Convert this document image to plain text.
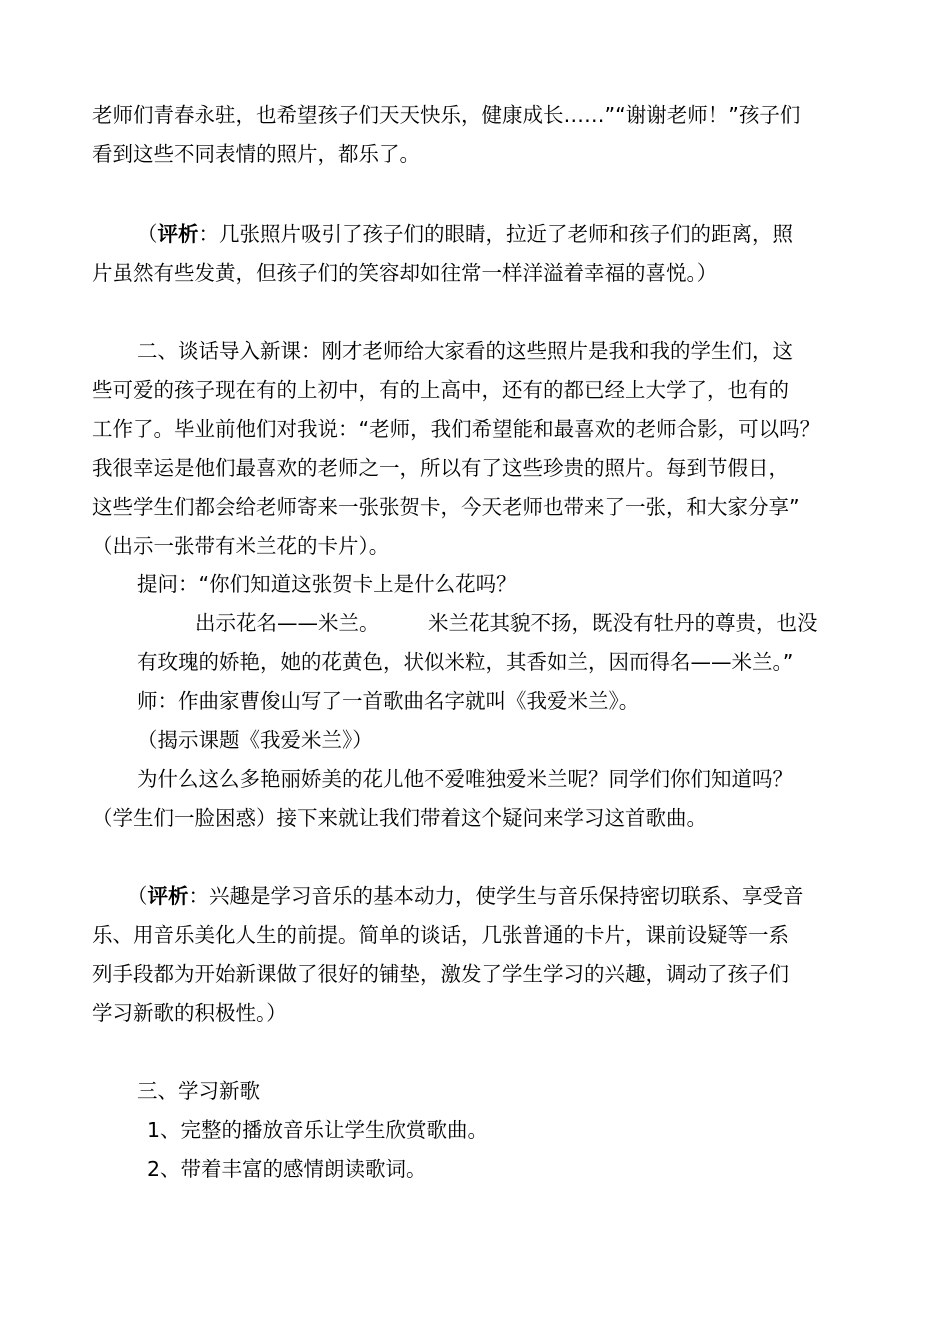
老师们青春永驻，也希望孩子们天天快乐，健康成长……”“谢谢老师！”孩子们
看到这些不同表情的照片，都乐了。
（评析：几张照片吸引了孩子们的眼睛，拉近了老师和孩子们的距离，照
片虽然有些发黄，但孩子们的笑容却如往常一样洋溢着幸福的喜悦。）
二、谈话导入新课：刚才老师给大家看的这些照片是我和我的学生们，这
些可爱的孩子现在有的上初中，有的上高中，还有的都已经上大学了，也有的
工作了。毕业前他们对我说：“老师，我们希望能和最喜欢的老师合影，可以吗？
我很幸运是他们最喜欢的老师之一，所以有了这些珍贵的照片。每到节假日，
这些学生们都会给老师寄来一张张贺卡，今天老师也带来了一张，和大家分享”
（出示一张带有米兰花的卡片）。
提问：“你们知道这张贺卡上是什么花吗？
出示花名——米兰。 米兰花其貌不扬，既没有牡丹的尊贵，也没
有玫瑰的娇艳，她的花黄色，状似米粒，其香如兰，因而得名——米兰。”
师：作曲家曹俊山写了一首歌曲名字就叫《我爱米兰》。
（揭示课题《我爱米兰》）
为什么这么多艳丽娇美的花儿他不爱唯独爱米兰呢？同学们你们知道吗？
（学生们一脸困惑）接下来就让我们带着这个疑问来学习这首歌曲。
（评析：兴趣是学习音乐的基本动力，使学生与音乐保持密切联系、享受音
乐、用音乐美化人生的前提。简单的谈话，几张普通的卡片，课前设疑等一系
列手段都为开始新课做了很好的铺垫，激发了学生学习的兴趣，调动了孩子们
学习新歌的积极性。）
三、学习新歌
1、完整的播放音乐让学生欣赏歌曲。
2、带着丰富的感情朗读歌词。
